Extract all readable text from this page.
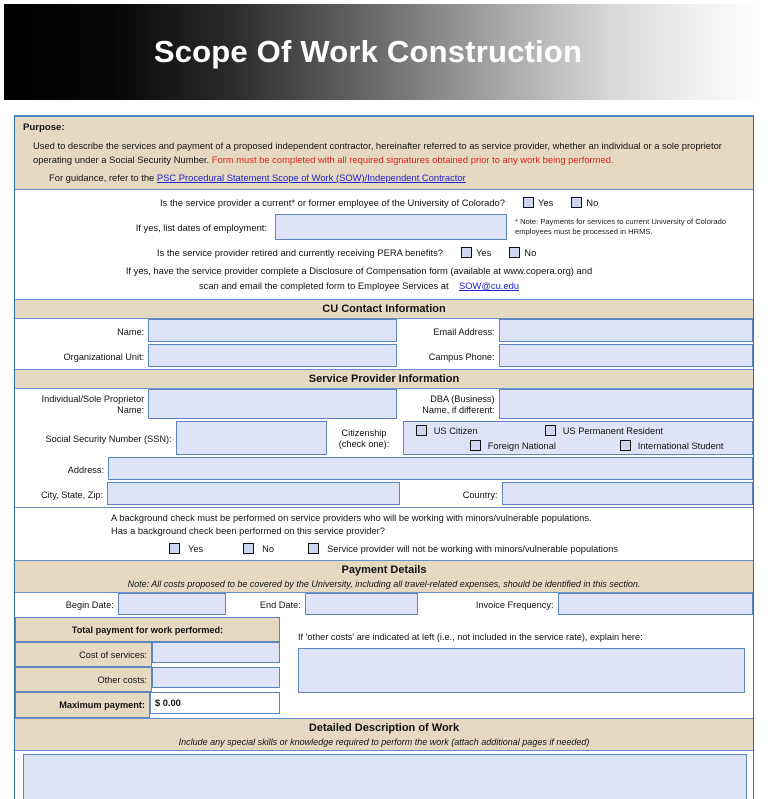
Scope Of Work Construction
Purpose:
Used to describe the services and payment of a proposed independent contractor, hereinafter referred to as service provider, whether an individual or a sole proprietor operating under a Social Security Number. Form must be completed with all required signatures obtained prior to any work being performed.
For guidance, refer to the PSC Procedural Statement Scope of Work (SOW)/Independent Contractor
Is the service provider a current* or former employee of the University of Colorado?	Yes	No
If yes, list dates of employment:
* Note: Payments for services to current University of Colorado employees must be processed in HRMS.
Is the service provider retired and currently receiving PERA benefits?	Yes	No
If yes, have the service provider complete a Disclosure of Compensation form (available at www.copera.org) and
scan and email the completed form to Employee Services at SOW@cu.edu
CU Contact Information
Name:	Email Address:
Organizational Unit:	Campus Phone:
Service Provider Information
Individual/Sole Proprietor
Name:
DBA (Business)
Name, if different:
Social Security Number (SSN):
Citizenship
(check one):
US Citizen	US Permanent Resident
Foreign National	International Student
Address:
City, State, Zip:	Country:
A background check must be performed on service providers who will be working with minors/vulnerable populations.
Has a background check been performed on this service provider?
Yes	No	Service provider will not be working with minors/vulnerable populations
Payment Details
Note: All costs proposed to be covered by the University, including all travel-related expenses, should be identified in this section.
Begin Date:	End Date:	Invoice Frequency:
Total payment for work performed:
Cost of services:
Other costs:
Maximum payment:	$ 0.00
If 'other costs' are indicated at left (i.e., not included in the service rate), explain here:
Detailed Description of Work
Include any special skills or knowledge required to perform the work (attach additional pages if needed)
